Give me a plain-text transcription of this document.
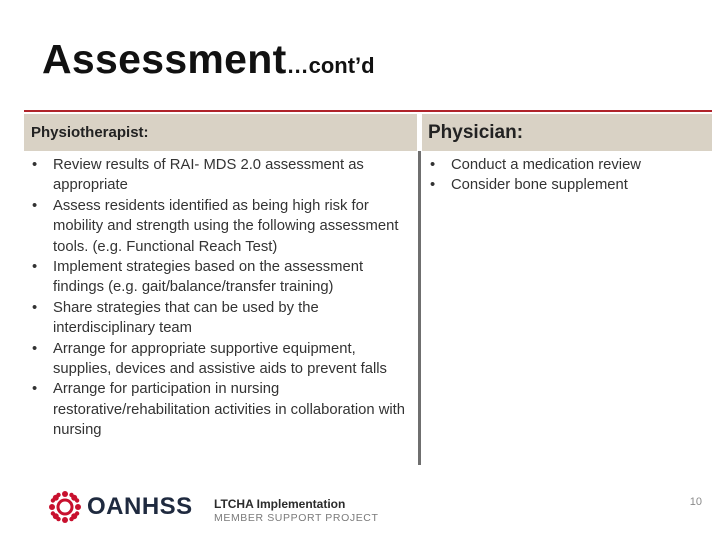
Assessment…cont’d
Physiotherapist:	Physician:
• Review results of RAI- MDS 2.0 assessment as appropriate
• Assess residents identified as being high risk for mobility and strength using the following assessment tools. (e.g. Functional Reach Test)
• Implement strategies based on the assessment findings (e.g. gait/balance/transfer training)
• Share strategies that can be used by the interdisciplinary team
• Arrange for appropriate supportive equipment, supplies, devices and assistive aids to prevent falls
• Arrange for participation in nursing restorative/rehabilitation activities in collaboration with nursing
• Conduct a medication review
• Consider bone supplement
OANHSS LTCHA Implementation
MEMBER SUPPORT PROJECT
10
